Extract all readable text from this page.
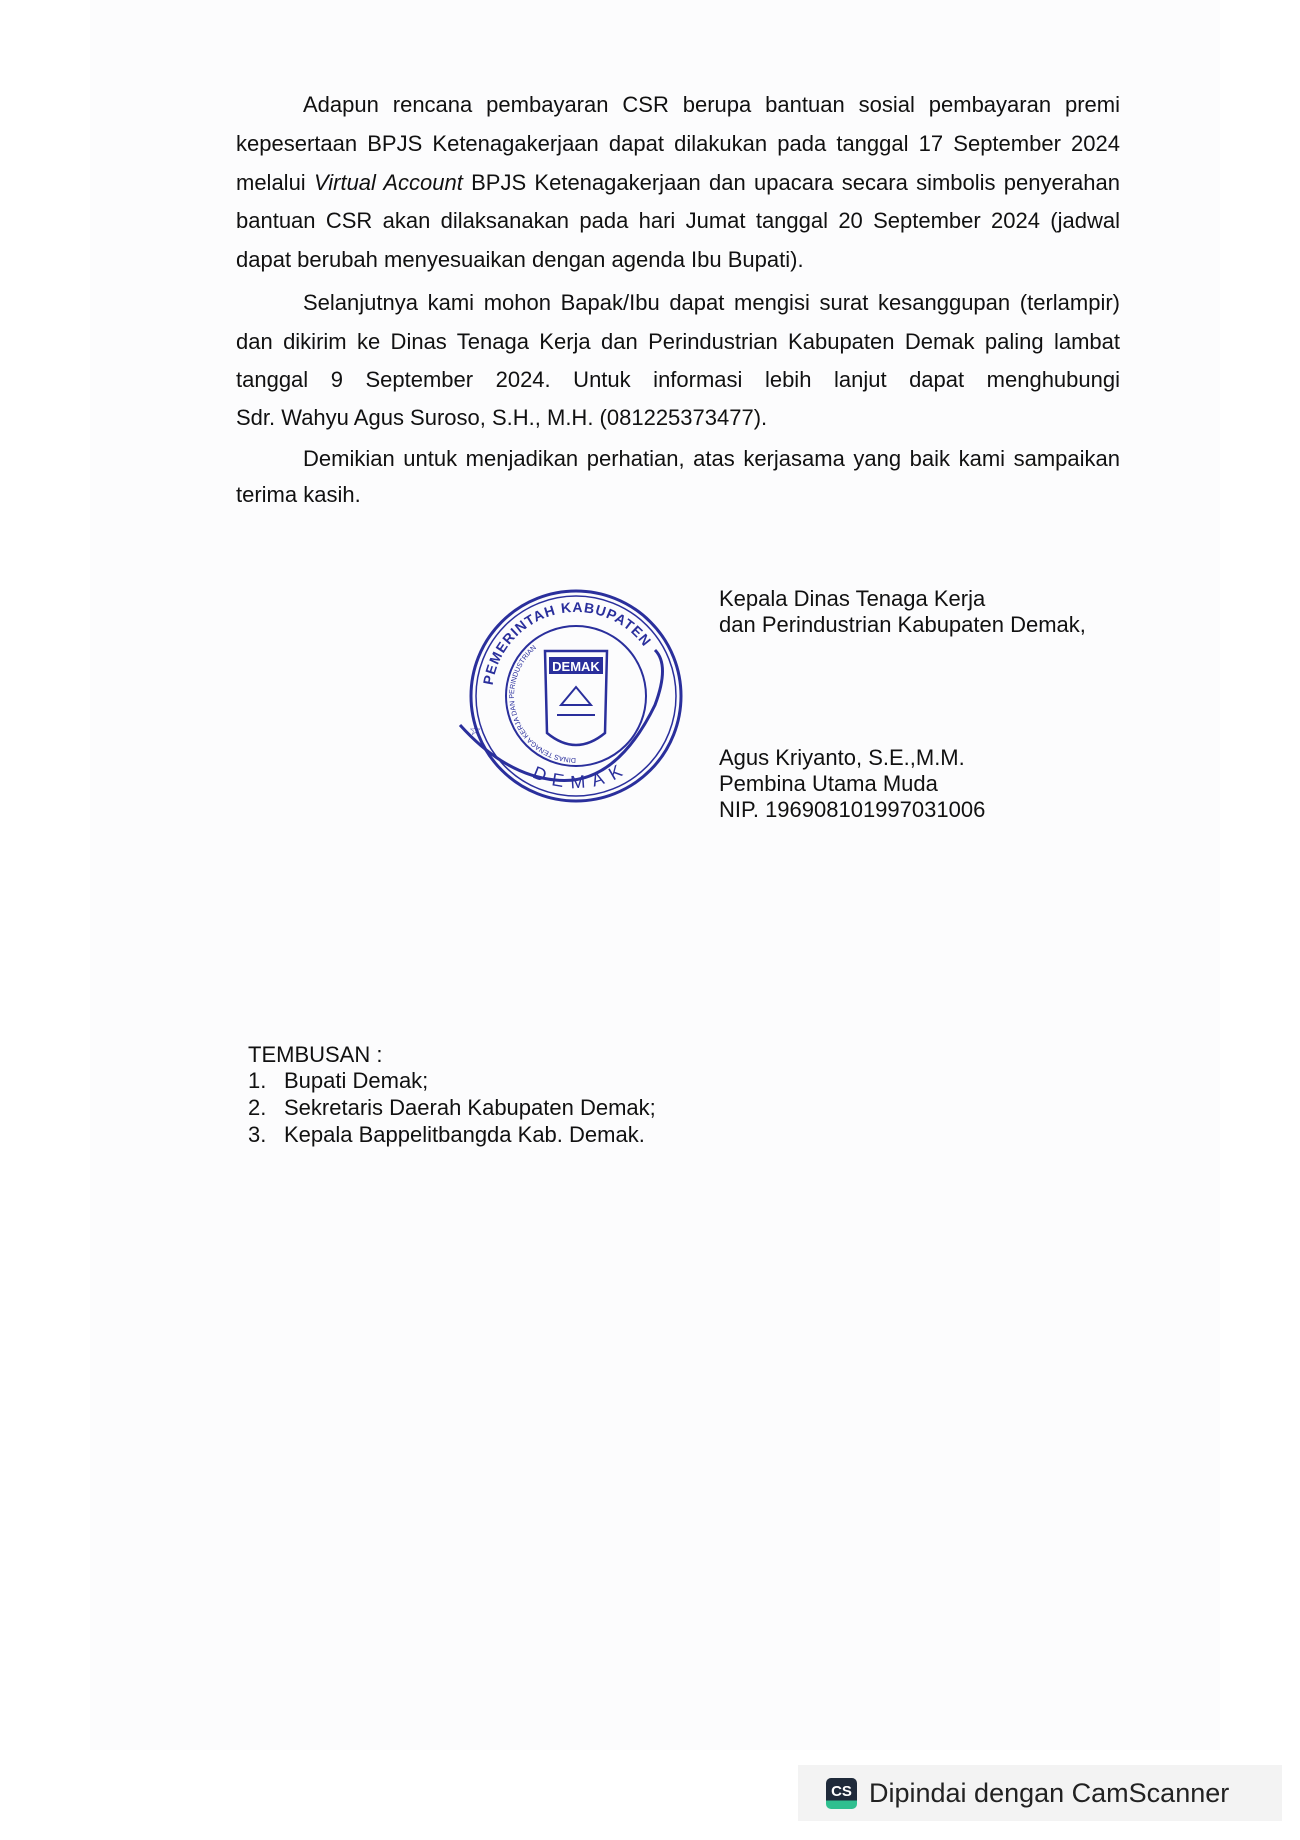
Adapun rencana pembayaran CSR berupa bantuan sosial pembayaran premi
kepesertaan BPJS Ketenagakerjaan dapat dilakukan pada tanggal 17 September 2024
melalui Virtual Account BPJS Ketenagakerjaan dan upacara secara simbolis penyerahan
bantuan CSR akan dilaksanakan pada hari Jumat tanggal 20 September 2024 (jadwal
dapat berubah menyesuaikan dengan agenda Ibu Bupati).
Selanjutnya kami mohon Bapak/Ibu dapat mengisi surat kesanggupan (terlampir)
dan dikirim ke Dinas Tenaga Kerja dan Perindustrian Kabupaten Demak paling lambat
tanggal 9 September 2024. Untuk informasi lebih lanjut dapat menghubungi
Sdr. Wahyu Agus Suroso, S.H., M.H. (081225373477).
Demikian untuk menjadikan perhatian, atas kerjasama yang baik kami sampaikan
terima kasih.
DEMAK
PEMERINTAH KABUPATEN
DEMAK
DINAS TENAGA KERJA DAN PERINDUSTRIAN
☆
Kepala Dinas Tenaga Kerja
dan Perindustrian Kabupaten Demak,
Agus Kriyanto, S.E.,M.M.
Pembina Utama Muda
NIP. 196908101997031006
TEMBUSAN :
1. Bupati Demak;
2. Sekretaris Daerah Kabupaten Demak;
3. Kepala Bappelitbangda Kab. Demak.
CS Dipindai dengan CamScanner
